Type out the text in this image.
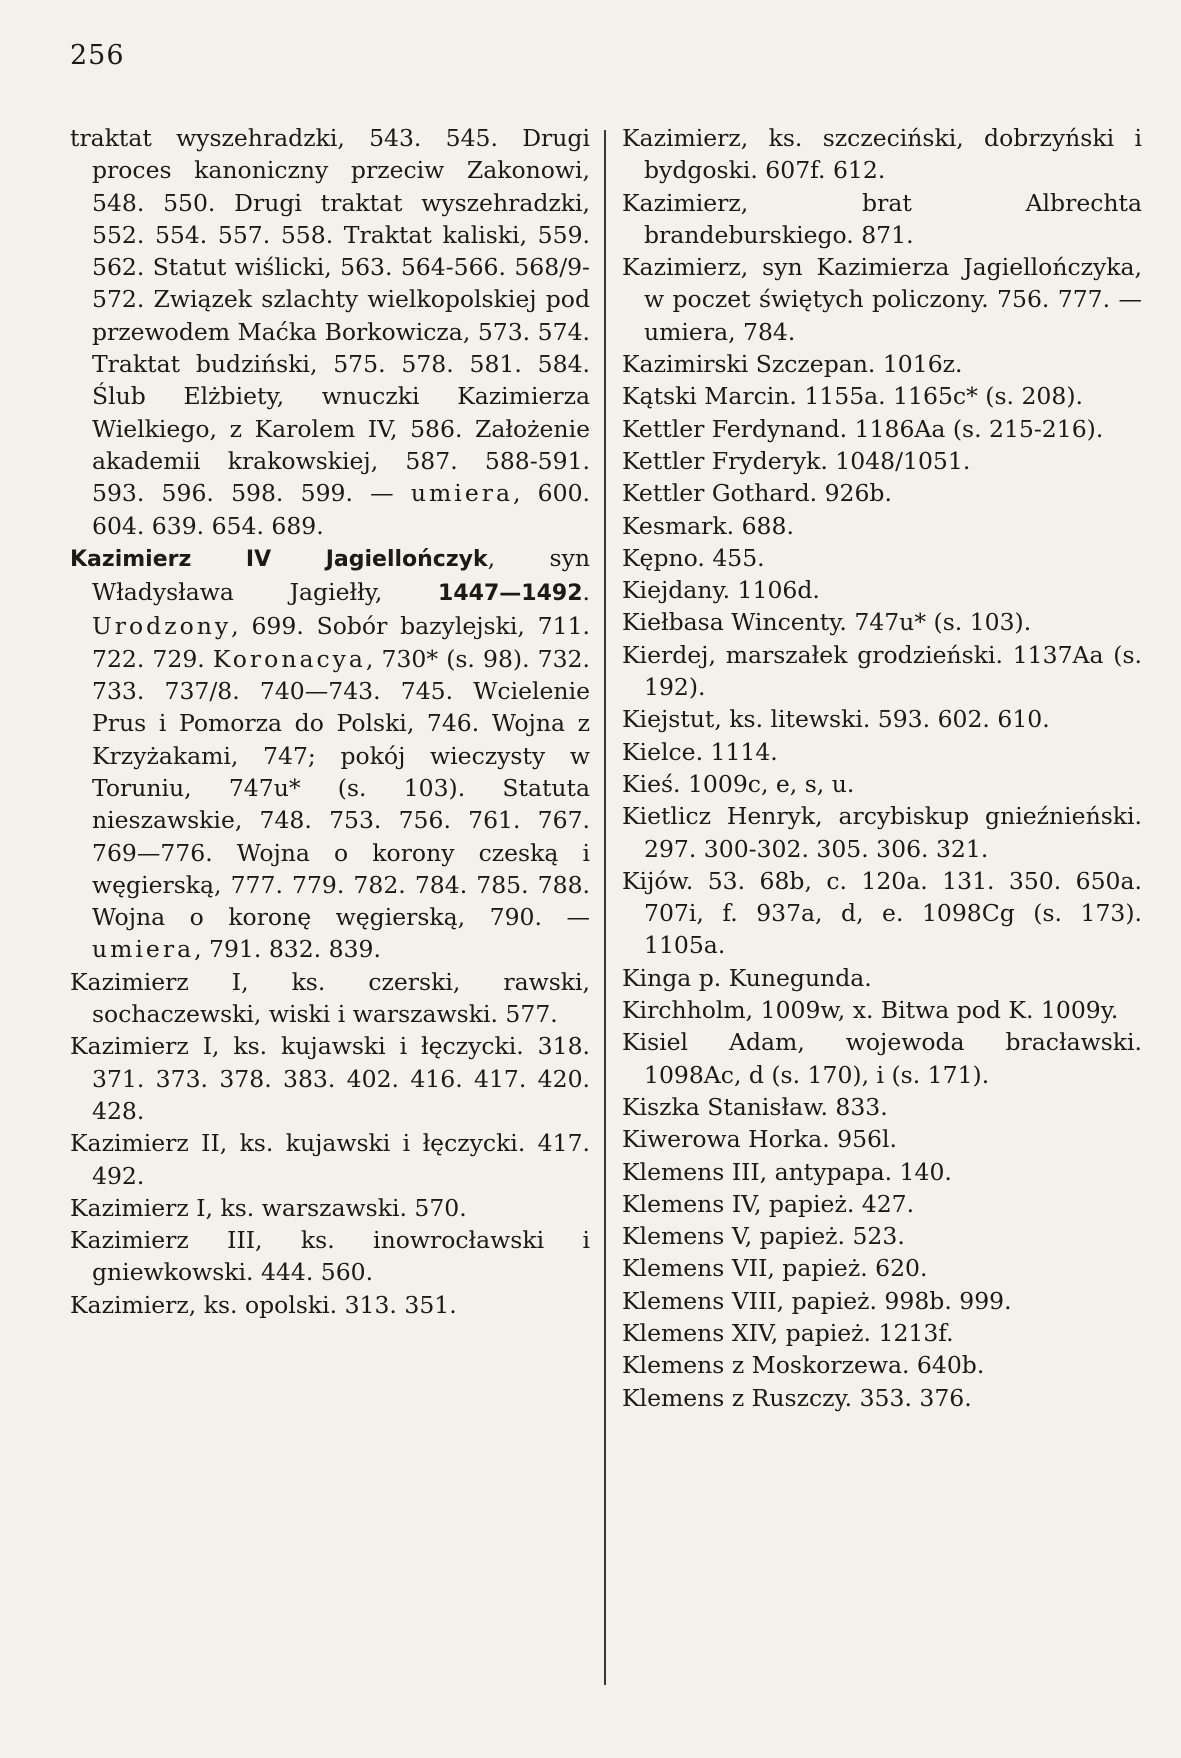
256

traktat wyszehradzki, 543. 545. Drugi proces kanoniczny przeciw Zakonowi, 548. 550. Drugi traktat wyszehradzki, 552. 554. 557. 558. Traktat kaliski, 559. 562. Statut wiślicki, 563. 564-566. 568/9-572. Związek szlachty wielkopolskiej pod przewodem Maćka Borkowicza, 573. 574. Traktat budziński, 575. 578. 581. 584. Ślub Elżbiety, wnuczki Kazimierza Wielkiego, z Karolem IV, 586. Założenie akademii krakowskiej, 587. 588-591. 593. 596. 598. 599. — umiera, 600. 604. 639. 654. 689.

Kazimierz IV Jagiellończyk, syn Władysława Jagiełły, 1447—1492. Urodzony, 699. Sobór bazylejski, 711. 722. 729. Koronacya, 730* (s. 98). 732. 733. 737/8. 740—743. 745. Wcielenie Prus i Pomorza do Polski, 746. Wojna z Krzyżakami, 747; pokój wieczysty w Toruniu, 747u* (s. 103). Statuta nieszawskie, 748. 753. 756. 761. 767. 769—776. Wojna o korony czeską i węgierską, 777. 779. 782. 784. 785. 788. Wojna o koronę węgierską, 790. — umiera, 791. 832. 839.

Kazimierz I, ks. czerski, rawski, sochaczewski, wiski i warszawski. 577.

Kazimierz I, ks. kujawski i łęczycki. 318. 371. 373. 378. 383. 402. 416. 417. 420. 428.

Kazimierz II, ks. kujawski i łęczycki. 417. 492.

Kazimierz I, ks. warszawski. 570.

Kazimierz III, ks. inowrocławski i gniewkowski. 444. 560.

Kazimierz, ks. opolski. 313. 351.

Kazimierz, ks. szczeciński, dobrzyński i bydgoski. 607f. 612.

Kazimierz, brat Albrechta brandeburskiego. 871.

Kazimierz, syn Kazimierza Jagiellończyka, w poczet świętych policzony. 756. 777. — umiera, 784.

Kazimirski Szczepan. 1016z.

Kątski Marcin. 1155a. 1165c* (s. 208).

Kettler Ferdynand. 1186Aa (s. 215-216).

Kettler Fryderyk. 1048/1051.

Kettler Gothard. 926b.

Kesmark. 688.

Kępno. 455.

Kiejdany. 1106d.

Kiełbasa Wincenty. 747u* (s. 103).

Kierdej, marszałek grodzieński. 1137Aa (s. 192).

Kiejstut, ks. litewski. 593. 602. 610.

Kielce. 1114.

Kieś. 1009c, e, s, u.

Kietlicz Henryk, arcybiskup gnieźnieński. 297. 300-302. 305. 306. 321.

Kijów. 53. 68b, c. 120a. 131. 350. 650a. 707i, f. 937a, d, e. 1098Cg (s. 173). 1105a.

Kinga p. Kunegunda.

Kirchholm, 1009w, x. Bitwa pod K. 1009y.

Kisiel Adam, wojewoda bracławski. 1098Ac, d (s. 170), i (s. 171).

Kiszka Stanisław. 833.

Kiwerowa Horka. 956l.

Klemens III, antypapa. 140.

Klemens IV, papież. 427.

Klemens V, papież. 523.

Klemens VII, papież. 620.

Klemens VIII, papież. 998b. 999.

Klemens XIV, papież. 1213f.

Klemens z Moskorzewa. 640b.

Klemens z Ruszczy. 353. 376.
